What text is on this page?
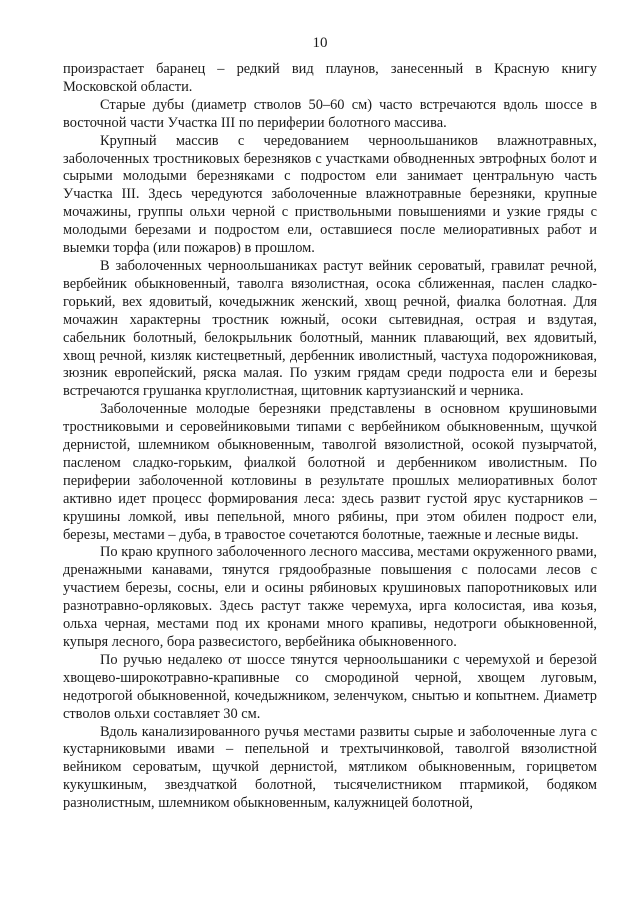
10

произрастает баранец – редкий вид плаунов, занесенный в Красную книгу Московской области.

Старые дубы (диаметр стволов 50–60 см) часто встречаются вдоль шоссе в восточной части Участка III по периферии болотного массива.

Крупный массив с чередованием черноольшаников влажнотравных, заболоченных тростниковых березняков с участками обводненных эвтрофных болот и сырыми молодыми березняками с подростом ели занимает центральную часть Участка III. Здесь чередуются заболоченные влажнотравные березняки, крупные мочажины, группы ольхи черной с приствольными повышениями и узкие гряды с молодыми березами и подростом ели, оставшиеся после мелиоративных работ и выемки торфа (или пожаров) в прошлом.

В заболоченных черноольшаниках растут вейник сероватый, гравилат речной, вербейник обыкновенный, таволга вязолистная, осока сближенная, паслен сладко-горький, вех ядовитый, кочедыжник женский, хвощ речной, фиалка болотная. Для мочажин характерны тростник южный, осоки сытевидная, острая и вздутая, сабельник болотный, белокрыльник болотный, манник плавающий, вех ядовитый, хвощ речной, кизляк кистецветный, дербенник иволистный, частуха подорожниковая, зюзник европейский, ряска малая. По узким грядам среди подроста ели и березы встречаются грушанка круглолистная, щитовник картузианский и черника.

Заболоченные молодые березняки представлены в основном крушиновыми тростниковыми и серовейниковыми типами с вербейником обыкновенным, щучкой дернистой, шлемником обыкновенным, таволгой вязолистной, осокой пузырчатой, пасленом сладко-горьким, фиалкой болотной и дербенником иволистным. По периферии заболоченной котловины в результате прошлых мелиоративных болот активно идет процесс формирования леса: здесь развит густой ярус кустарников – крушины ломкой, ивы пепельной, много рябины, при этом обилен подрост ели, березы, местами – дуба, в травостое сочетаются болотные, таежные и лесные виды.

По краю крупного заболоченного лесного массива, местами окруженного рвами, дренажными канавами, тянутся грядообразные повышения с полосами лесов с участием березы, сосны, ели и осины рябиновых крушиновых папоротниковых или разнотравно-орляковых. Здесь растут также черемуха, ирга колосистая, ива козья, ольха черная, местами под их кронами много крапивы, недотроги обыкновенной, купыря лесного, бора развесистого, вербейника обыкновенного.

По ручью недалеко от шоссе тянутся черноольшаники с черемухой и березой хвощево-широкотравно-крапивные со смородиной черной, хвощем луговым, недотрогой обыкновенной, кочедыжником, зеленчуком, снытью и копытнем. Диаметр стволов ольхи составляет 30 см.

Вдоль канализированного ручья местами развиты сырые и заболоченные луга с кустарниковыми ивами – пепельной и трехтычинковой, таволгой вязолистной вейником сероватым, щучкой дернистой, мятликом обыкновенным, горицветом кукушкиным, звездчаткой болотной, тысячелистником птармикой, бодяком разнолистным, шлемником обыкновенным, калужницей болотной,
